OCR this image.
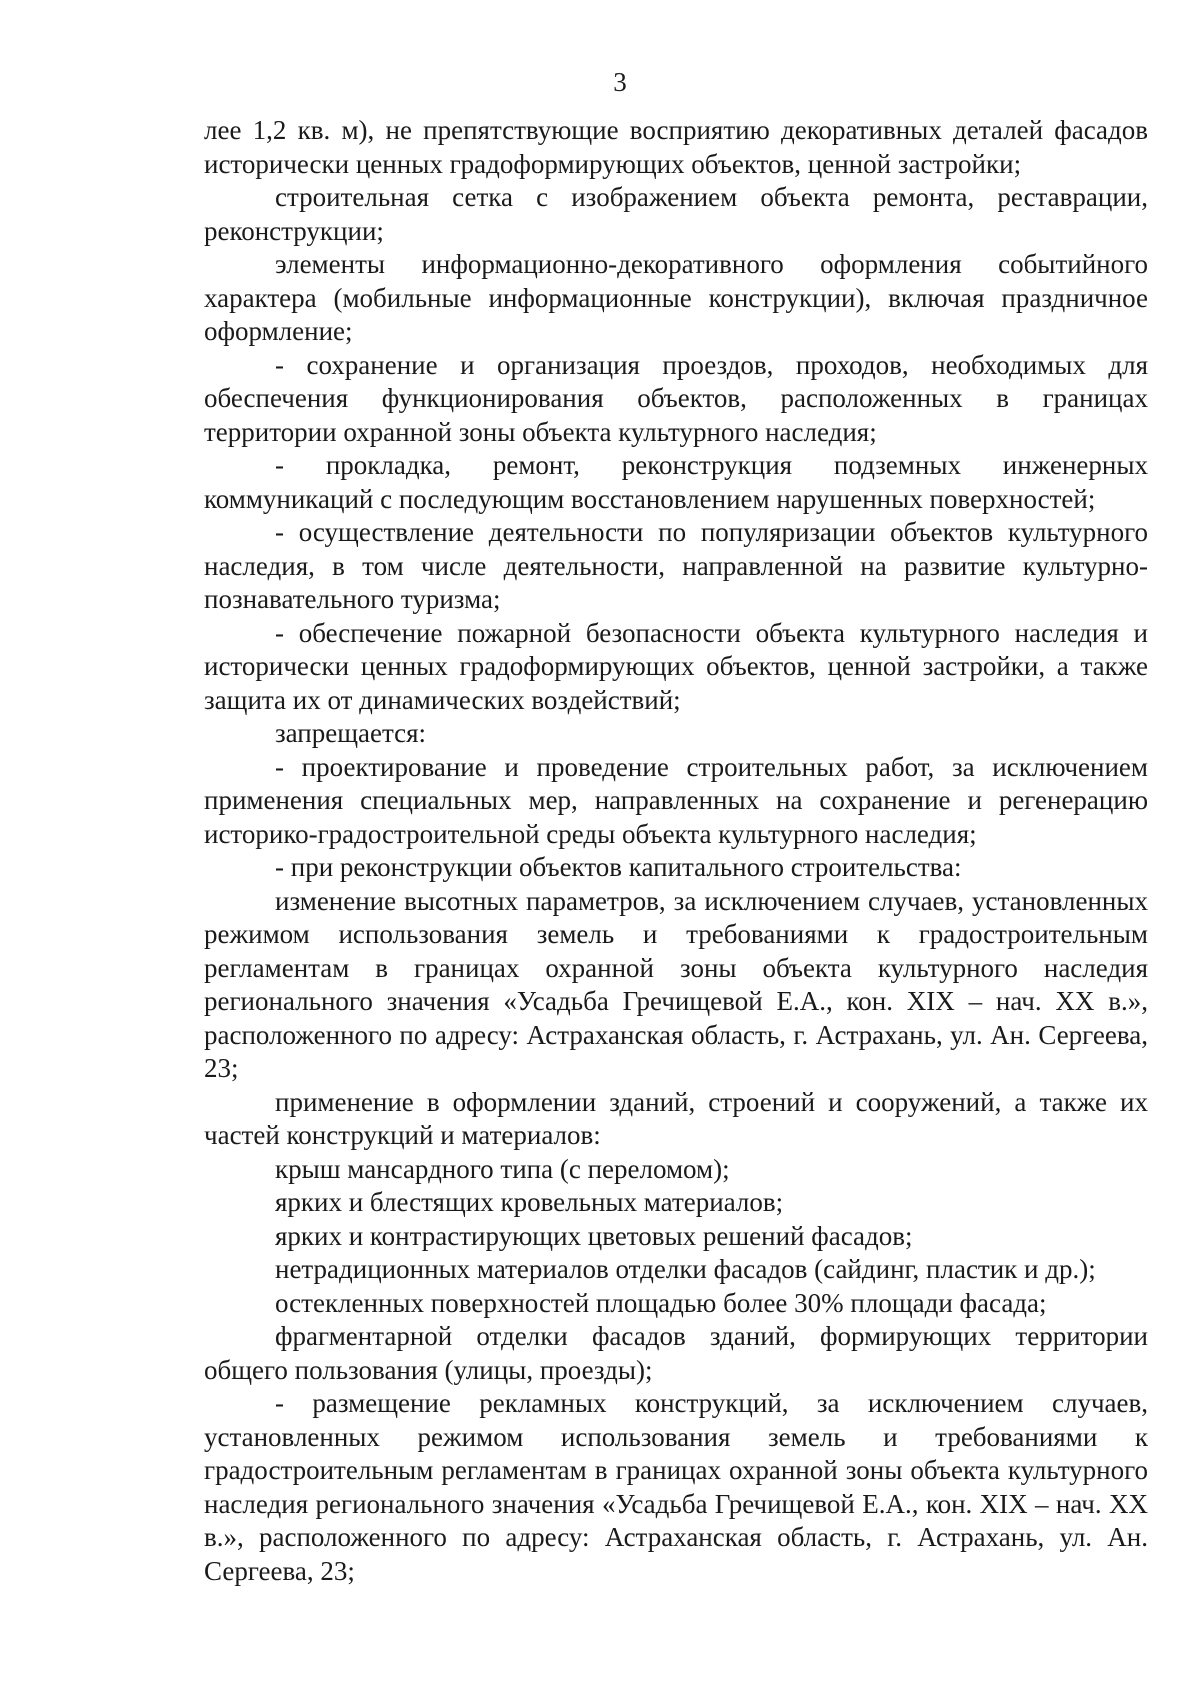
3

лее 1,2 кв. м), не препятствующие восприятию декоративных деталей фасадов исторически ценных градоформирующих объектов, ценной застройки;

строительная сетка с изображением объекта ремонта, реставрации, реконструкции;

элементы информационно-декоративного оформления событийного характера (мобильные информационные конструкции), включая праздничное оформление;

- сохранение и организация проездов, проходов, необходимых для обеспечения функционирования объектов, расположенных в границах территории охранной зоны объекта культурного наследия;

- прокладка, ремонт, реконструкция подземных инженерных коммуникаций с последующим восстановлением нарушенных поверхностей;

- осуществление деятельности по популяризации объектов культурного наследия, в том числе деятельности, направленной на развитие культурно-познавательного туризма;

- обеспечение пожарной безопасности объекта культурного наследия и исторически ценных градоформирующих объектов, ценной застройки, а также защита их от динамических воздействий;

запрещается:

- проектирование и проведение строительных работ, за исключением применения специальных мер, направленных на сохранение и регенерацию историко-градостроительной среды объекта культурного наследия;

- при реконструкции объектов капитального строительства:

изменение высотных параметров, за исключением случаев, установленных режимом использования земель и требованиями к градостроительным регламентам в границах охранной зоны объекта культурного наследия регионального значения «Усадьба Гречищевой Е.А., кон. XIX – нач. XX в.», расположенного по адресу: Астраханская область, г. Астрахань, ул. Ан. Сергеева, 23;

применение в оформлении зданий, строений и сооружений, а также их частей конструкций и материалов:

крыш мансардного типа (с переломом);

ярких и блестящих кровельных материалов;

ярких и контрастирующих цветовых решений фасадов;

нетрадиционных материалов отделки фасадов (сайдинг, пластик и др.);

остекленных поверхностей площадью более 30% площади фасада;

фрагментарной отделки фасадов зданий, формирующих территории общего пользования (улицы, проезды);

- размещение рекламных конструкций, за исключением случаев, установленных режимом использования земель и требованиями к градостроительным регламентам в границах охранной зоны объекта культурного наследия регионального значения «Усадьба Гречищевой Е.А., кон. XIX – нач. XX в.», расположенного по адресу: Астраханская область, г. Астрахань, ул. Ан. Сергеева, 23;
